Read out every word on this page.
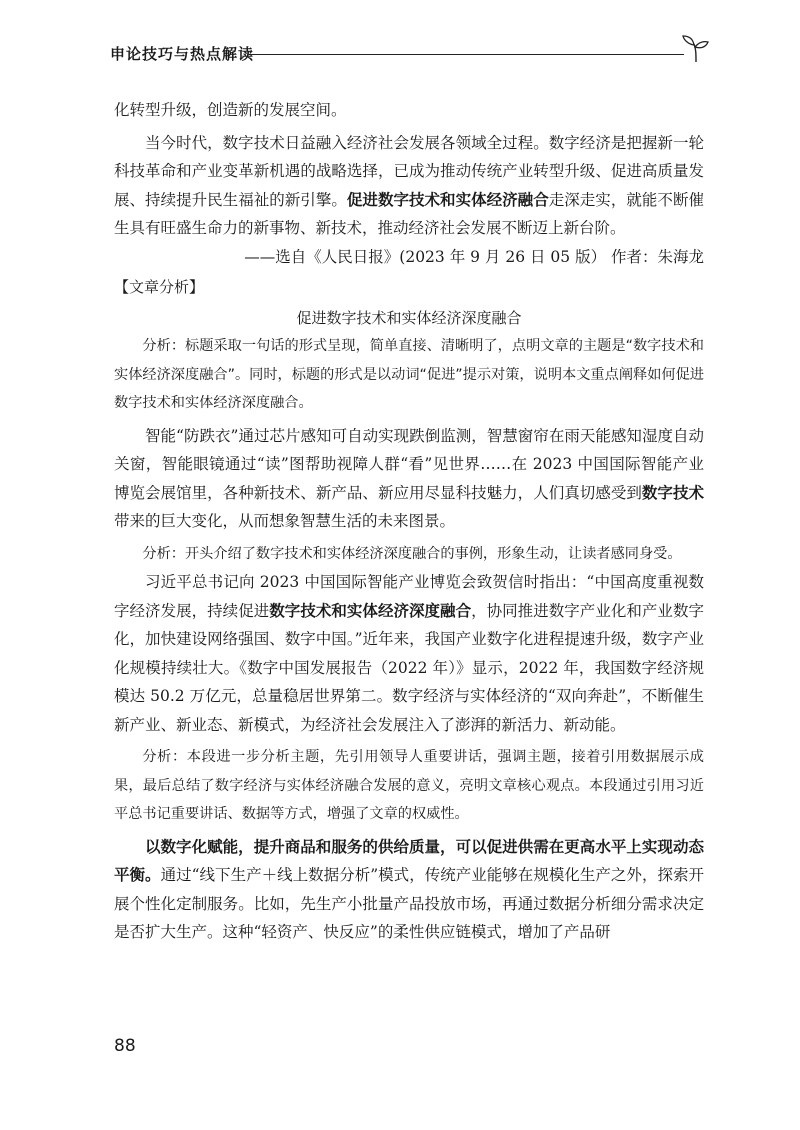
申论技巧与热点解读

化转型升级，创造新的发展空间。

当今时代，数字技术日益融入经济社会发展各领域全过程。数字经济是把握新一轮科技革命和产业变革新机遇的战略选择，已成为推动传统产业转型升级、促进高质量发展、持续提升民生福祉的新引擎。促进数字技术和实体经济融合走深走实，就能不断催生具有旺盛生命力的新事物、新技术，推动经济社会发展不断迈上新台阶。

——选自《人民日报》(2023 年 9 月 26 日 05 版） 作者：朱海龙

【文章分析】

促进数字技术和实体经济深度融合

分析：标题采取一句话的形式呈现，简单直接、清晰明了，点明文章的主题是“数字技术和实体经济深度融合”。同时，标题的形式是以动词“促进”提示对策，说明本文重点阐释如何促进数字技术和实体经济深度融合。

智能“防跌衣”通过芯片感知可自动实现跌倒监测，智慧窗帘在雨天能感知湿度自动关窗，智能眼镜通过“读”图帮助视障人群“看”见世界……在 2023 中国国际智能产业博览会展馆里，各种新技术、新产品、新应用尽显科技魅力，人们真切感受到数字技术带来的巨大变化，从而想象智慧生活的未来图景。

分析：开头介绍了数字技术和实体经济深度融合的事例，形象生动，让读者感同身受。

习近平总书记向 2023 中国国际智能产业博览会致贺信时指出：“中国高度重视数字经济发展，持续促进数字技术和实体经济深度融合，协同推进数字产业化和产业数字化，加快建设网络强国、数字中国。”近年来，我国产业数字化进程提速升级，数字产业化规模持续壮大。《数字中国发展报告（2022 年）》显示，2022 年，我国数字经济规模达 50.2 万亿元，总量稳居世界第二。数字经济与实体经济的“双向奔赴”，不断催生新产业、新业态、新模式，为经济社会发展注入了澎湃的新活力、新动能。

分析：本段进一步分析主题，先引用领导人重要讲话，强调主题，接着引用数据展示成果，最后总结了数字经济与实体经济融合发展的意义，亮明文章核心观点。本段通过引用习近平总书记重要讲话、数据等方式，增强了文章的权威性。

以数字化赋能，提升商品和服务的供给质量，可以促进供需在更高水平上实现动态平衡。通过“线下生产＋线上数据分析”模式，传统产业能够在规模化生产之外，探索开展个性化定制服务。比如，先生产小批量产品投放市场，再通过数据分析细分需求决定是否扩大生产。这种“轻资产、快反应”的柔性供应链模式，增加了产品研

88
